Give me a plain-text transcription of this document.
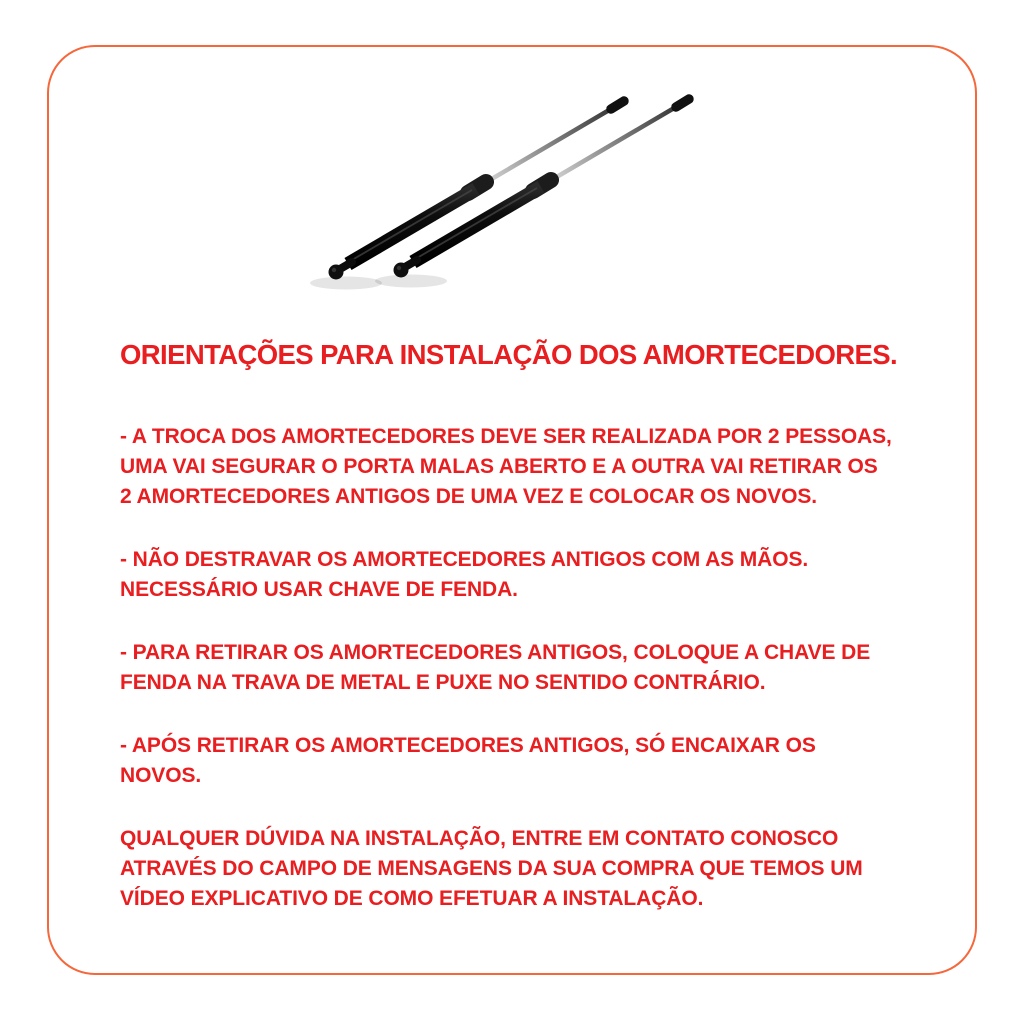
ORIENTAÇÕES PARA INSTALAÇÃO DOS AMORTECEDORES.
- A TROCA DOS AMORTECEDORES DEVE SER REALIZADA POR 2 PESSOAS,
UMA VAI SEGURAR O PORTA MALAS ABERTO E A OUTRA VAI RETIRAR OS
2 AMORTECEDORES ANTIGOS DE UMA VEZ E COLOCAR OS NOVOS.
- NÃO DESTRAVAR OS AMORTECEDORES ANTIGOS COM AS MÃOS.
NECESSÁRIO USAR CHAVE DE FENDA.
- PARA RETIRAR OS AMORTECEDORES ANTIGOS, COLOQUE A CHAVE DE
FENDA NA TRAVA DE METAL E PUXE NO SENTIDO CONTRÁRIO.
- APÓS RETIRAR OS AMORTECEDORES ANTIGOS, SÓ ENCAIXAR OS
NOVOS.
QUALQUER DÚVIDA NA INSTALAÇÃO, ENTRE EM CONTATO CONOSCO
ATRAVÉS DO CAMPO DE MENSAGENS DA SUA COMPRA QUE TEMOS UM
VÍDEO EXPLICATIVO DE COMO EFETUAR A INSTALAÇÃO.
